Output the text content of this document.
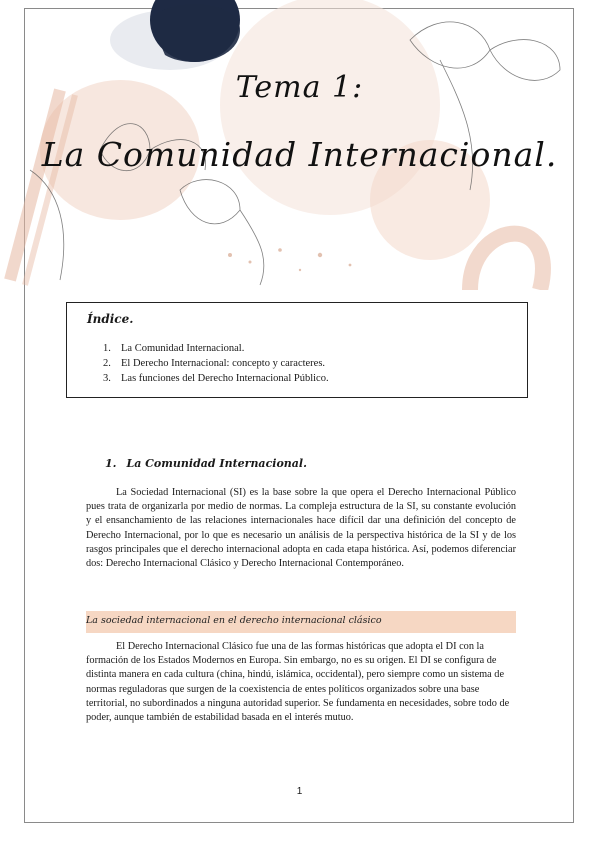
Tema 1:
La Comunidad Internacional.
Índice.
1. La Comunidad Internacional.
2. El Derecho Internacional: concepto y caracteres.
3. Las funciones del Derecho Internacional Público.
1. La Comunidad Internacional.

La Sociedad Internacional (SI) es la base sobre la que opera el Derecho Internacional Público pues trata de organizarla por medio de normas. La compleja estructura de la SI, su constante evolución y el ensanchamiento de las relaciones internacionales hace difícil dar una definición del concepto de Derecho Internacional, por lo que es necesario un análisis de la perspectiva histórica de la SI y de los rasgos principales que el derecho internacional adopta en cada etapa histórica. Así, podemos diferenciar dos: Derecho Internacional Clásico y Derecho Internacional Contemporáneo.

La sociedad internacional en el derecho internacional clásico

El Derecho Internacional Clásico fue una de las formas históricas que adopta el DI con la formación de los Estados Modernos en Europa. Sin embargo, no es su origen. El DI se configura de distinta manera en cada cultura (china, hindú, islámica, occidental), pero siempre como un sistema de normas reguladoras que surgen de la coexistencia de entes políticos organizados sobre una base territorial, no subordinados a ninguna autoridad superior. Se fundamenta en necesidades, sobre todo de poder, aunque también de estabilidad basada en el interés mutuo.

1
